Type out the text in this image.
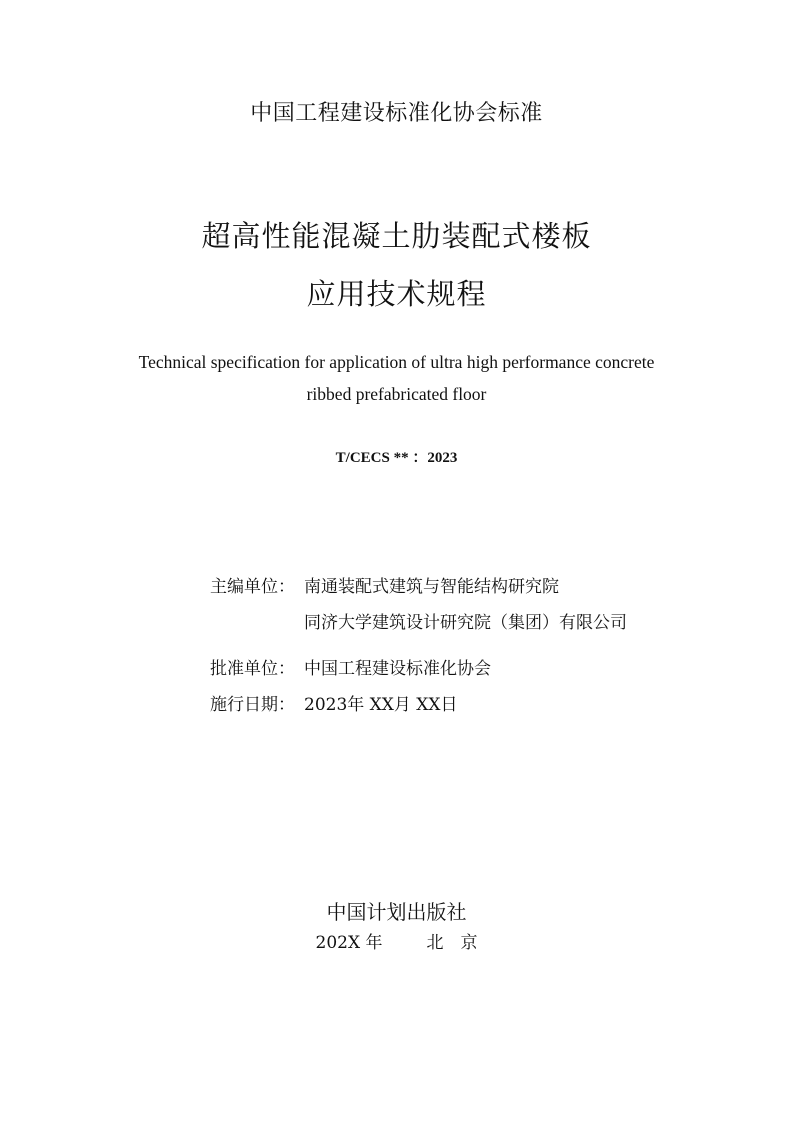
中国工程建设标准化协会标准
超高性能混凝土肋装配式楼板
应用技术规程
Technical specification for application of ultra high performance concrete
ribbed prefabricated floor
T/CECS ** ：2023
主编单位： 南通装配式建筑与智能结构研究院
同济大学建筑设计研究院（集团）有限公司
批准单位： 中国工程建设标准化协会
施行日期： 2023年 XX月 XX日
中国计划出版社
202X 年	北　京
